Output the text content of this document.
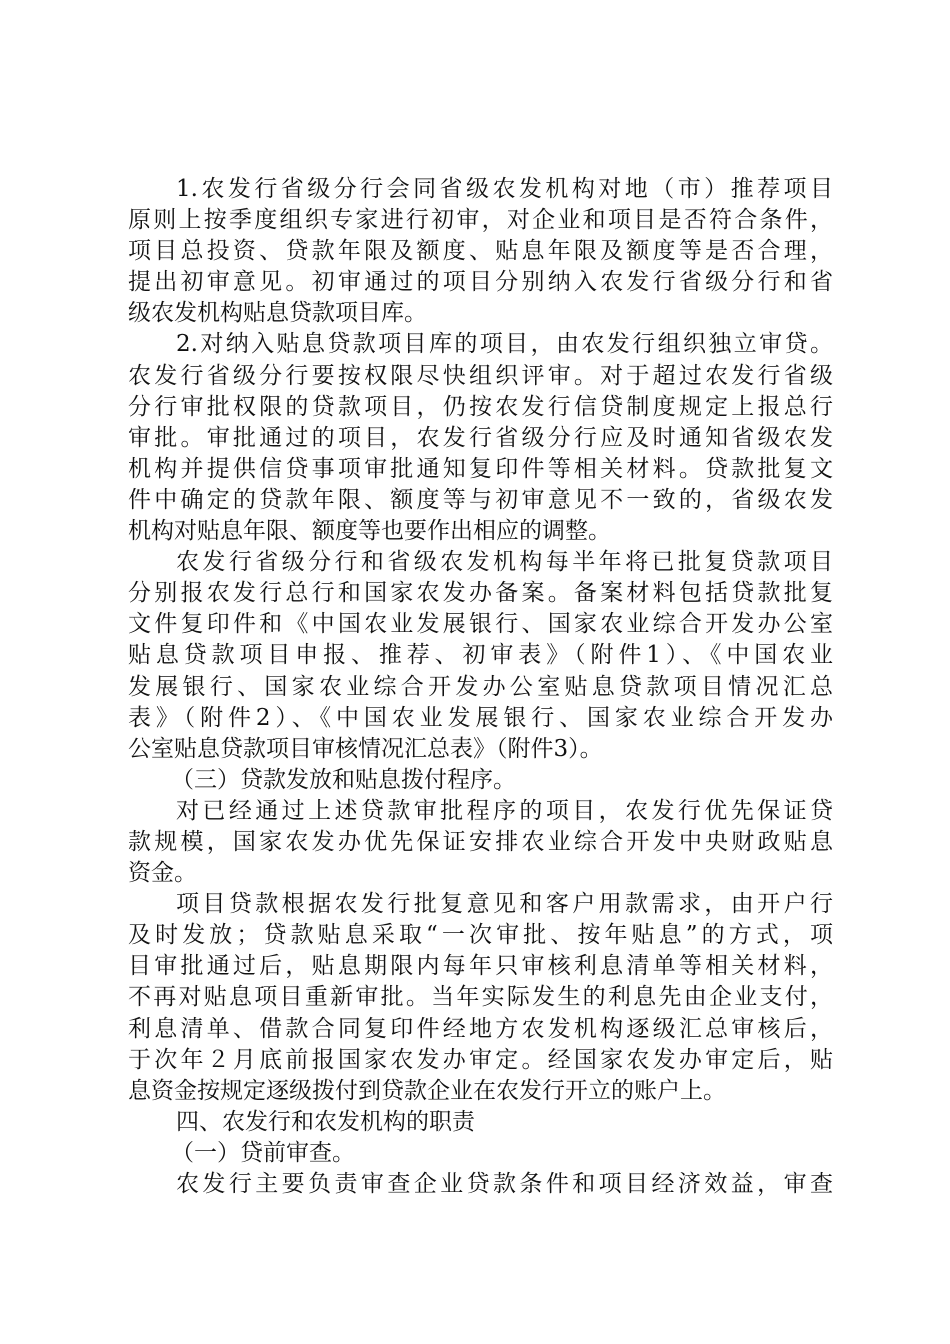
1.农发行省级分行会同省级农发机构对地（市）推荐项目
原则上按季度组织专家进行初审，对企业和项目是否符合条件，
项目总投资、贷款年限及额度、贴息年限及额度等是否合理，
提出初审意见。初审通过的项目分别纳入农发行省级分行和省
级农发机构贴息贷款项目库。
2.对纳入贴息贷款项目库的项目，由农发行组织独立审贷。
农发行省级分行要按权限尽快组织评审。对于超过农发行省级
分行审批权限的贷款项目，仍按农发行信贷制度规定上报总行
审批。审批通过的项目，农发行省级分行应及时通知省级农发
机构并提供信贷事项审批通知复印件等相关材料。贷款批复文
件中确定的贷款年限、额度等与初审意见不一致的，省级农发
机构对贴息年限、额度等也要作出相应的调整。
农发行省级分行和省级农发机构每半年将已批复贷款项目
分别报农发行总行和国家农发办备案。备案材料包括贷款批复
文件复印件和《中国农业发展银行、国家农业综合开发办公室
贴息贷款项目申报、推荐、初审表》（附件1）、《中国农业
发展银行、国家农业综合开发办公室贴息贷款项目情况汇总
表》（附件2）、《中国农业发展银行、国家农业综合开发办
公室贴息贷款项目审核情况汇总表》（附件3）。
（三）贷款发放和贴息拨付程序。
对已经通过上述贷款审批程序的项目，农发行优先保证贷
款规模，国家农发办优先保证安排农业综合开发中央财政贴息
资金。
项目贷款根据农发行批复意见和客户用款需求，由开户行
及时发放；贷款贴息采取“一次审批、按年贴息”的方式，项
目审批通过后，贴息期限内每年只审核利息清单等相关材料，
不再对贴息项目重新审批。当年实际发生的利息先由企业支付，
利息清单、借款合同复印件经地方农发机构逐级汇总审核后，
于次年２月底前报国家农发办审定。经国家农发办审定后，贴
息资金按规定逐级拨付到贷款企业在农发行开立的账户上。
四、农发行和农发机构的职责
（一）贷前审查。
农发行主要负责审查企业贷款条件和项目经济效益，审查
